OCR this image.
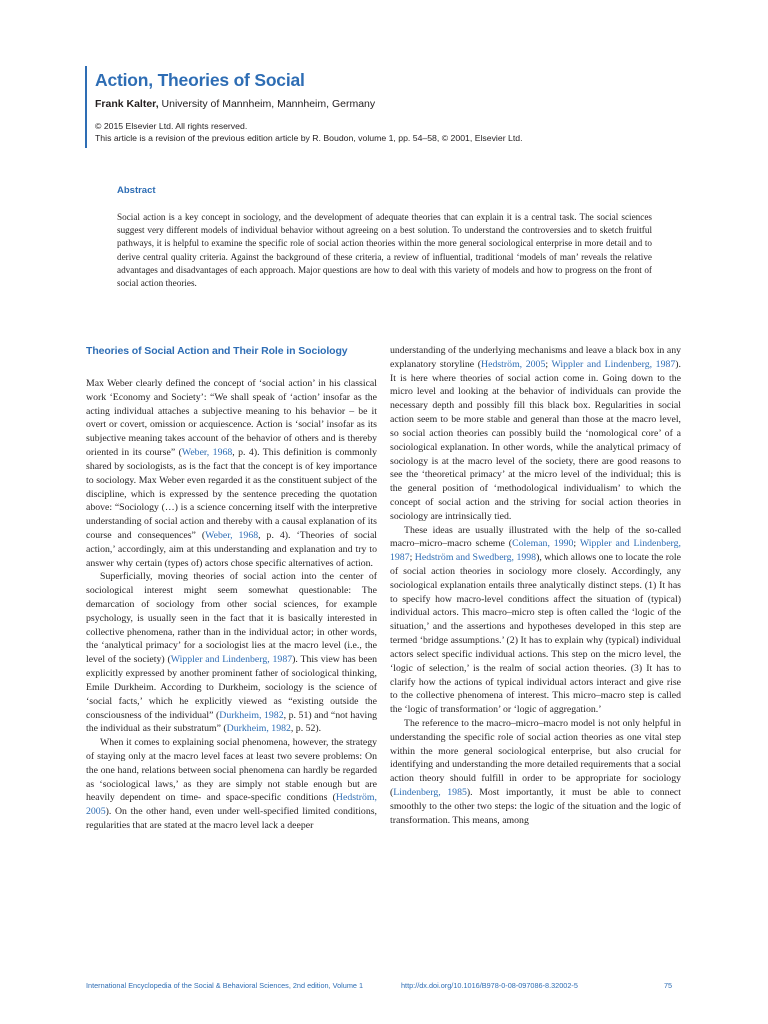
Action, Theories of Social
Frank Kalter, University of Mannheim, Mannheim, Germany
© 2015 Elsevier Ltd. All rights reserved.
This article is a revision of the previous edition article by R. Boudon, volume 1, pp. 54–58, © 2001, Elsevier Ltd.
Abstract
Social action is a key concept in sociology, and the development of adequate theories that can explain it is a central task. The social sciences suggest very different models of individual behavior without agreeing on a best solution. To understand the controversies and to sketch fruitful pathways, it is helpful to examine the specific role of social action theories within the more general sociological enterprise in more detail and to derive central quality criteria. Against the background of these criteria, a review of influential, traditional ‘models of man’ reveals the relative advantages and disadvantages of each approach. Major questions are how to deal with this variety of models and how to progress on the front of social action theories.
Theories of Social Action and Their Role in Sociology

Max Weber clearly defined the concept of ‘social action’ in his classical work ‘Economy and Society’: “We shall speak of ‘action’ insofar as the acting individual attaches a subjective meaning to his behavior – be it overt or covert, omission or acquiescence. Action is ‘social’ insofar as its subjective meaning takes account of the behavior of others and is thereby oriented in its course” (Weber, 1968, p. 4). This definition is commonly shared by sociologists, as is the fact that the concept is of key importance to sociology. Max Weber even regarded it as the constituent subject of the discipline, which is expressed by the sentence preceding the quotation above: “Sociology (…) is a science concerning itself with the interpretive understanding of social action and thereby with a causal explanation of its course and consequences” (Weber, 1968, p. 4). ‘Theories of social action,’ accordingly, aim at this understanding and explanation and try to answer why certain (types of) actors chose specific alternatives of action.

Superficially, moving theories of social action into the center of sociological interest might seem somewhat questionable: The demarcation of sociology from other social sciences, for example psychology, is usually seen in the fact that it is basically interested in collective phenomena, rather than in the individual actor; in other words, the ‘analytical primacy’ for a sociologist lies at the macro level (i.e., the level of the society) (Wippler and Lindenberg, 1987). This view has been explicitly expressed by another prominent father of sociological thinking, Emile Durkheim. According to Durkheim, sociology is the science of ‘social facts,’ which he explicitly viewed as “existing outside the consciousness of the individual” (Durkheim, 1982, p. 51) and “not having the individual as their substratum” (Durkheim, 1982, p. 52).

When it comes to explaining social phenomena, however, the strategy of staying only at the macro level faces at least two severe problems: On the one hand, relations between social phenomena can hardly be regarded as ‘sociological laws,’ as they are simply not stable enough but are heavily dependent on time- and space-specific conditions (Hedström, 2005). On the other hand, even under well-specified limited conditions, regularities that are stated at the macro level lack a deeper

understanding of the underlying mechanisms and leave a black box in any explanatory storyline (Hedström, 2005; Wippler and Lindenberg, 1987). It is here where theories of social action come in. Going down to the micro level and looking at the behavior of individuals can provide the necessary depth and possibly fill this black box. Regularities in social action seem to be more stable and general than those at the macro level, so social action theories can possibly build the ‘nomological core’ of a sociological explanation. In other words, while the analytical primacy of sociology is at the macro level of the society, there are good reasons to see the ‘theoretical primacy’ at the micro level of the individual; this is the general position of ‘methodological individualism’ to which the concept of social action and the striving for social action theories in sociology are intrinsically tied.

These ideas are usually illustrated with the help of the so-called macro–micro–macro scheme (Coleman, 1990; Wippler and Lindenberg, 1987; Hedström and Swedberg, 1998), which allows one to locate the role of social action theories in sociology more closely. Accordingly, any sociological explanation entails three analytically distinct steps. (1) It has to specify how macro-level conditions affect the situation of (typical) individual actors. This macro–micro step is often called the ‘logic of the situation,’ and the assertions and hypotheses developed in this step are termed ‘bridge assumptions.’ (2) It has to explain why (typical) individual actors select specific individual actions. This step on the micro level, the ‘logic of selection,’ is the realm of social action theories. (3) It has to clarify how the actions of typical individual actors interact and give rise to the collective phenomena of interest. This micro–macro step is called the ‘logic of transformation’ or ‘logic of aggregation.’

The reference to the macro–micro–macro model is not only helpful in understanding the specific role of social action theories as one vital step within the more general sociological enterprise, but also crucial for identifying and understanding the more detailed requirements that a social action theory should fulfill in order to be appropriate for sociology (Lindenberg, 1985). Most importantly, it must be able to connect smoothly to the other two steps: the logic of the situation and the logic of transformation. This means, among

International Encyclopedia of the Social & Behavioral Sciences, 2nd edition, Volume 1	http://dx.doi.org/10.1016/B978-0-08-097086-8.32002-5	75
